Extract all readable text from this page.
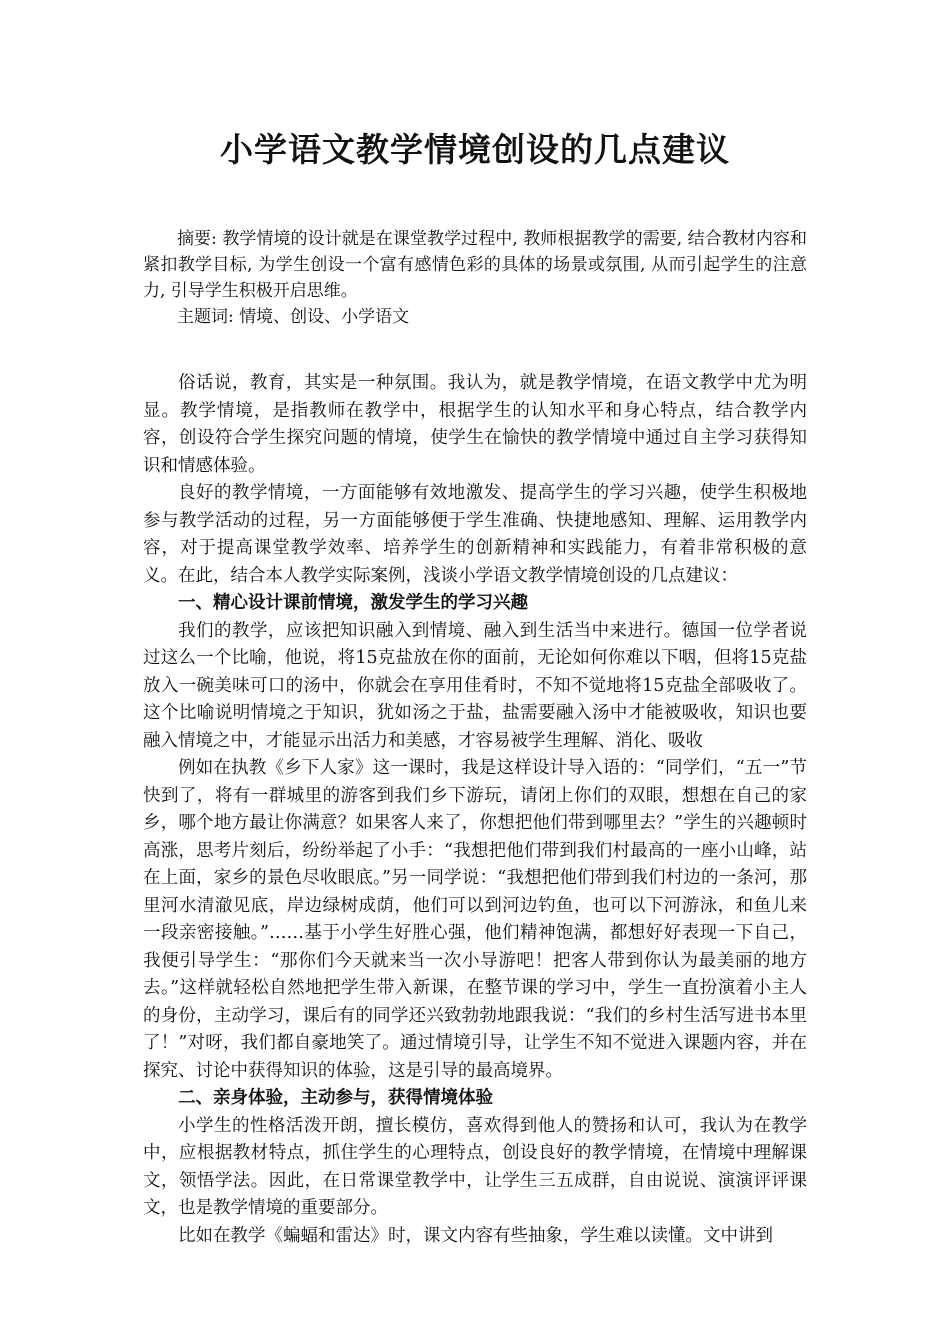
小学语文教学情境创设的几点建议

摘要: 教学情境的设计就是在课堂教学过程中, 教师根据教学的需要, 结合教材内容和紧扣教学目标, 为学生创设一个富有感情色彩的具体的场景或氛围, 从而引起学生的注意力, 引导学生积极开启思维。

主题词: 情境、创设、小学语文

俗话说，教育，其实是一种氛围。我认为，就是教学情境，在语文教学中尤为明显。教学情境，是指教师在教学中，根据学生的认知水平和身心特点，结合教学内容，创设符合学生探究问题的情境，使学生在愉快的教学情境中通过自主学习获得知识和情感体验。

良好的教学情境，一方面能够有效地激发、提高学生的学习兴趣，使学生积极地参与教学活动的过程，另一方面能够便于学生准确、快捷地感知、理解、运用教学内容，对于提高课堂教学效率、培养学生的创新精神和实践能力，有着非常积极的意义。在此，结合本人教学实际案例，浅谈小学语文教学情境创设的几点建议：

一、精心设计课前情境，激发学生的学习兴趣

我们的教学，应该把知识融入到情境、融入到生活当中来进行。德国一位学者说过这么一个比喻，他说，将15克盐放在你的面前，无论如何你难以下咽，但将15克盐放入一碗美味可口的汤中，你就会在享用佳肴时，不知不觉地将15克盐全部吸收了。这个比喻说明情境之于知识，犹如汤之于盐，盐需要融入汤中才能被吸收，知识也要融入情境之中，才能显示出活力和美感，才容易被学生理解、消化、吸收

例如在执教《乡下人家》这一课时，我是这样设计导入语的：“同学们，“五一”节快到了，将有一群城里的游客到我们乡下游玩，请闭上你们的双眼，想想在自己的家乡，哪个地方最让你满意？如果客人来了，你想把他们带到哪里去？”学生的兴趣顿时高涨，思考片刻后，纷纷举起了小手：“我想把他们带到我们村最高的一座小山峰，站在上面，家乡的景色尽收眼底。”另一同学说：“我想把他们带到我们村边的一条河，那里河水清澈见底，岸边绿树成荫，他们可以到河边钓鱼，也可以下河游泳，和鱼儿来一段亲密接触。”……基于小学生好胜心强，他们精神饱满，都想好好表现一下自己，我便引导学生：“那你们今天就来当一次小导游吧！把客人带到你认为最美丽的地方去。”这样就轻松自然地把学生带入新课，在整节课的学习中，学生一直扮演着小主人的身份，主动学习，课后有的同学还兴致勃勃地跟我说：“我们的乡村生活写进书本里了！”对呀，我们都自豪地笑了。通过情境引导，让学生不知不觉进入课题内容，并在探究、讨论中获得知识的体验，这是引导的最高境界。

二、亲身体验，主动参与，获得情境体验

小学生的性格活泼开朗，擅长模仿，喜欢得到他人的赞扬和认可，我认为在教学中，应根据教材特点，抓住学生的心理特点，创设良好的教学情境，在情境中理解课文，领悟学法。因此，在日常课堂教学中，让学生三五成群，自由说说、演演评评课文，也是教学情境的重要部分。

比如在教学《蝙蝠和雷达》时，课文内容有些抽象，学生难以读懂。文中讲到
